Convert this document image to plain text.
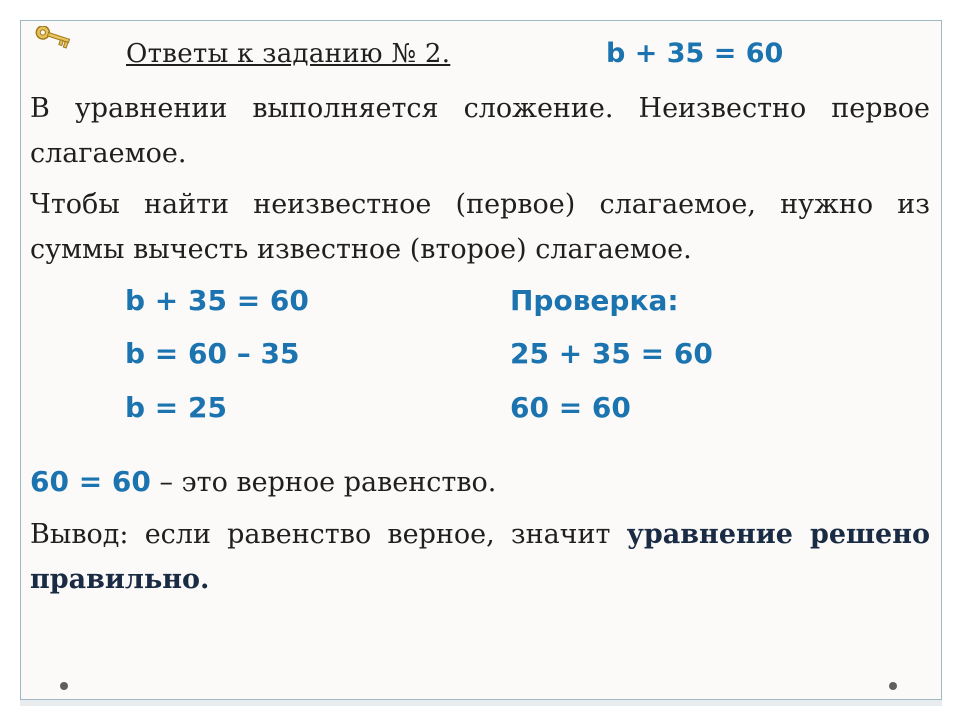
Ответы к заданию № 2.	b + 35 = 60

В уравнении выполняется сложение. Неизвестно первое слагаемое.

Чтобы найти неизвестное (первое) слагаемое, нужно из суммы вычесть известное (второе) слагаемое.

b + 35 = 60
b = 60 – 35
b = 25
Проверка:
25 + 35 = 60
60 = 60
60 = 60 – это верное равенство.

Вывод: если равенство верное, значит уравнение решено правильно.
